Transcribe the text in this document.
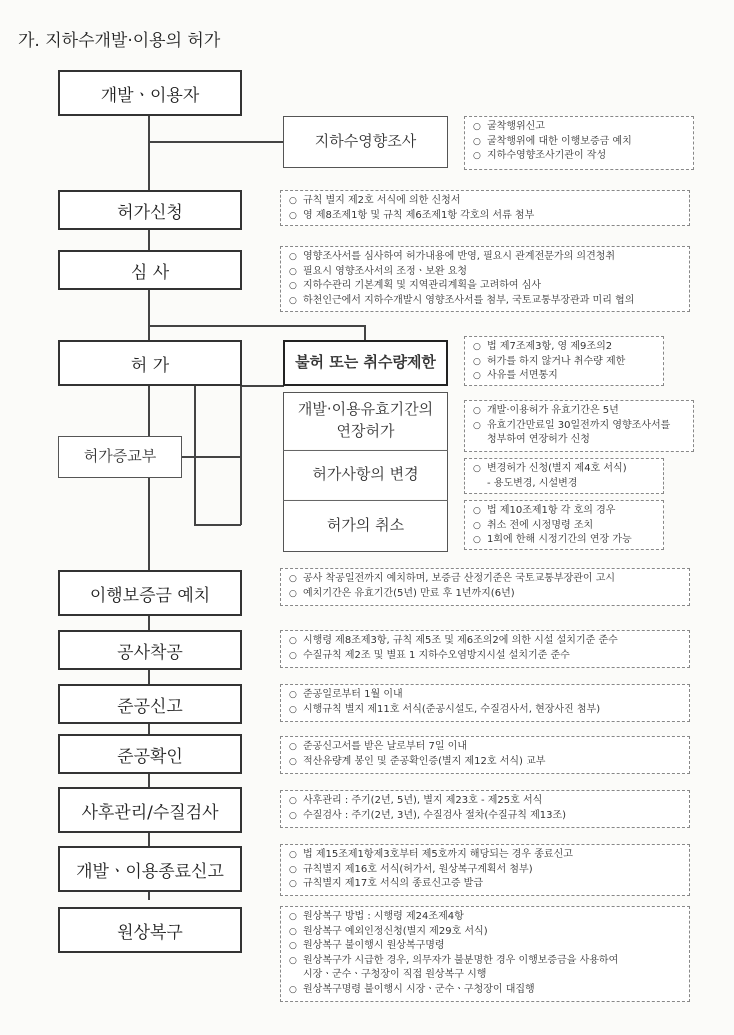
가. 지하수개발·이용의 허가
개발ㆍ이용자
허가신청
심 사
허 가
허가증교부
이행보증금 예치
공사착공
준공신고
준공확인
사후관리/수질검사
개발ㆍ이용종료신고
원상복구
지하수영향조사
불허 또는 취수량제한
개발·이용유효기간의
연장허가
허가사항의 변경
허가의 취소
○ 굴착행위신고
○ 굴착행위에 대한 이행보증금 예치
○ 지하수영향조사기관이 작성
○ 규칙 별지 제2호 서식에 의한 신청서
○ 영 제8조제1항 및 규칙 제6조제1항 각호의 서류 첨부
○ 영향조사서를 심사하여 허가내용에 반영, 필요시 관계전문가의 의견청취
○ 필요시 영향조사서의 조정ㆍ보완 요청
○ 지하수관리 기본계획 및 지역관리계획을 고려하여 심사
○ 하천인근에서 지하수개발시 영향조사서를 첨부, 국토교통부장관과 미리 협의
○ 법 제7조제3항, 영 제9조의2
○ 허가를 하지 않거나 취수량 제한
○ 사유를 서면통지
○ 개발·이용허가 유효기간은 5년
○ 유효기간만료일 30일전까지 영향조사서를
청부하여 연장허가 신청
○ 변경허가 신청(별지 제4호 서식)
- 용도변경, 시설변경
○ 법 제10조제1항 각 호의 경우
○ 취소 전에 시정명령 조치
○ 1회에 한해 시정기간의 연장 가능
○ 공사 착공일전까지 예치하며, 보증금 산정기준은 국토교통부장관이 고시
○ 예치기간은 유효기간(5년) 만료 후 1년까지(6년)
○ 시행령 제8조제3항, 규칙 제5조 및 제6조의2에 의한 시설 설치기준 준수
○ 수질규칙 제2조 및 별표 1 지하수오염방지시설 설치기준 준수
○ 준공일로부터 1월 이내
○ 시행규칙 별지 제11호 서식(준공시설도, 수질검사서, 현장사진 첨부)
○ 준공신고서를 받은 날로부터 7일 이내
○ 적산유량계 봉인 및 준공확인증(별지 제12호 서식) 교부
○ 사후관리 : 주기(2년, 5년), 별지 제23호 - 제25호 서식
○ 수질검사 : 주기(2년, 3년), 수질검사 절차(수질규칙 제13조)
○ 법 제15조제1항제3호부터 제5호까지 해당되는 경우 종료신고
○ 규칙별지 제16호 서식(허가서, 원상복구계획서 첨부)
○ 규칙별지 제17호 서식의 종료신고증 발급
○ 원상복구 방법 : 시행령 제24조제4항
○ 원상복구 예외인정신청(별지 제29호 서식)
○ 원상복구 불이행시 원상복구명령
○ 원상복구가 시급한 경우, 의무자가 불분명한 경우 이행보증금을 사용하여
시장ㆍ군수ㆍ구청장이 직접 원상복구 시행
○ 원상복구명령 불이행시 시장ㆍ군수ㆍ구청장이 대집행
